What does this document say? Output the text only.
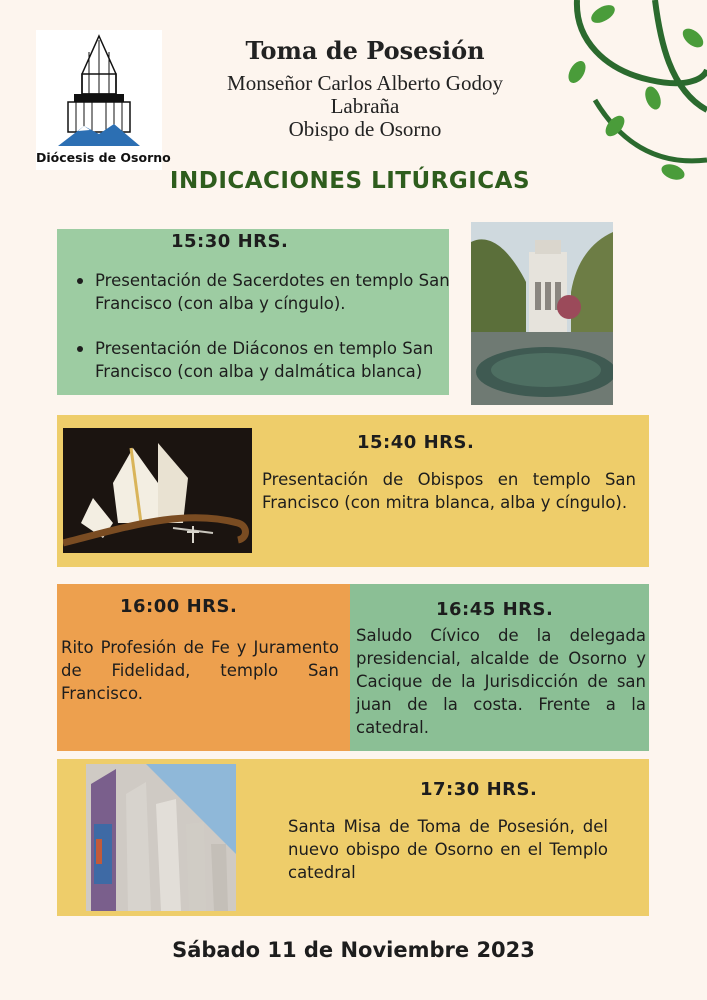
Diócesis de Osorno
Toma de Posesión
Monseñor Carlos Alberto Godoy
Labraña
Obispo de Osorno
INDICACIONES LITÚRGICAS
15:30 HRS.
Presentación de Sacerdotes en templo San Francisco (con alba y cíngulo).
Presentación de Diáconos en templo San Francisco (con alba y dalmática blanca)
15:40 HRS.
Presentación de Obispos en templo San Francisco (con mitra blanca, alba y cíngulo).
16:00 HRS.
Rito Profesión de Fe y Juramento de Fidelidad, templo San Francisco.
16:45 HRS.
Saludo Cívico de la delegada presidencial, alcalde de Osorno y Cacique de la Jurisdicción de san juan de la costa. Frente a la catedral.
17:30 HRS.
Santa Misa de Toma de Posesión, del nuevo obispo de Osorno en el Templo catedral
Sábado 11 de Noviembre 2023
